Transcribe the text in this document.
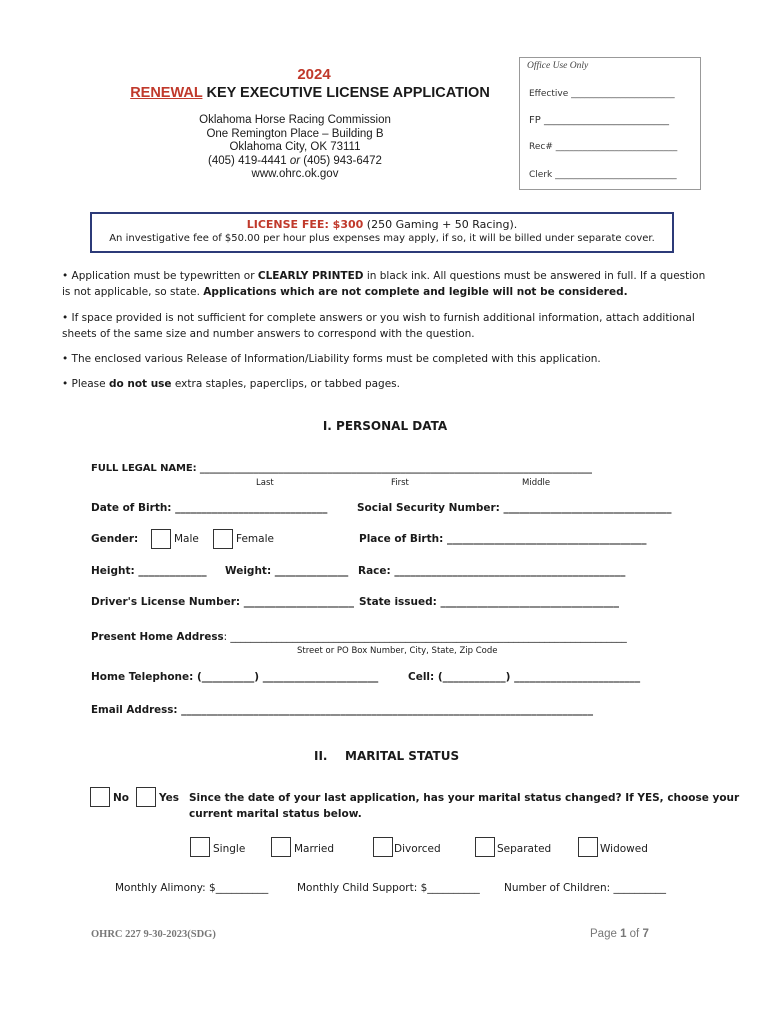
2024
RENEWAL KEY EXECUTIVE LICENSE APPLICATION
Oklahoma Horse Racing Commission
One Remington Place – Building B
Oklahoma City, OK 73111
(405) 419-4441 or (405) 943-6472
www.ohrc.ok.gov
Office Use Only
Effective _______________________
FP _________________________
Rec# ___________________________
Clerk ___________________________
LICENSE FEE: $300 (250 Gaming + 50 Racing).
An investigative fee of $50.00 per hour plus expenses may apply, if so, it will be billed under separate cover.
• Application must be typewritten or CLEARLY PRINTED in black ink. All questions must be answered in full. If a question is not applicable, so state. Applications which are not complete and legible will not be considered.
• If space provided is not sufficient for complete answers or you wish to furnish additional information, attach additional sheets of the same size and number answers to correspond with the question.
• The enclosed various Release of Information/Liability forms must be completed with this application.
• Please do not use extra staples, paperclips, or tabbed pages.
I. PERSONAL DATA
FULL LEGAL NAME: ________________________________________________________________________________
Last	First	Middle
Date of Birth: _____________________________	Social Security Number: ________________________________
Gender:	Male	Female	Place of Birth: ______________________________________
Height: _____________ Weight: ______________ Race: ____________________________________________
Driver's License Number: _____________________ State issued: __________________________________
Present Home Address: _____________________________________________________________________________
Street or PO Box Number, City, State, Zip Code
Home Telephone: (__________) ______________________	Cell: (____________) ________________________
Email Address: ________________________________________________________________________________
II. MARITAL STATUS
No	Yes Since the date of your last application, has your marital status changed? If YES, choose your
current marital status below.
Single	Married	Divorced	Separated	Widowed
Monthly Alimony: $__________	Monthly Child Support: $__________ Number of Children: __________
OHRC 227 9-30-2023(SDG)	Page 1 of 7
